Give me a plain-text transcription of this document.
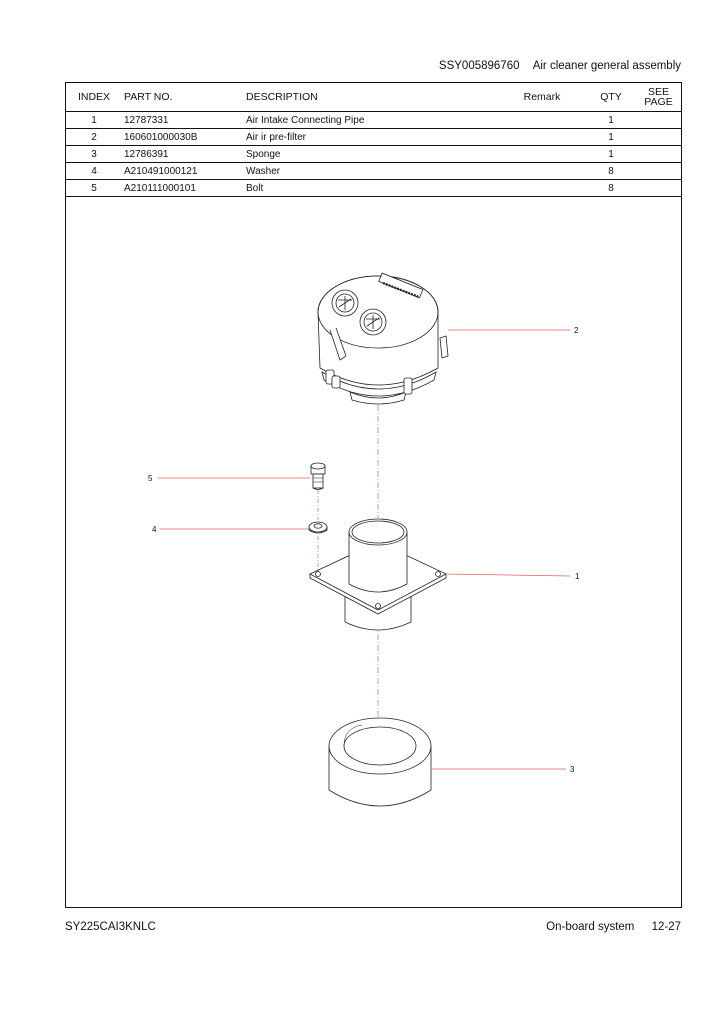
SSY005896760 Air cleaner general assembly
INDEX	PART NO.	DESCRIPTION	Remark	QTY	SEE
PAGE
1	12787331	Air Intake Connecting Pipe		1	
2	160601000030B	Air ir pre-filter		1	
3	12786391	Sponge		1	
4	A210491000121	Washer		8	
5	A210111000101	Bolt		8	
2
5
4
1
3
SY225CAI3KNLC	On-board system 12-27
